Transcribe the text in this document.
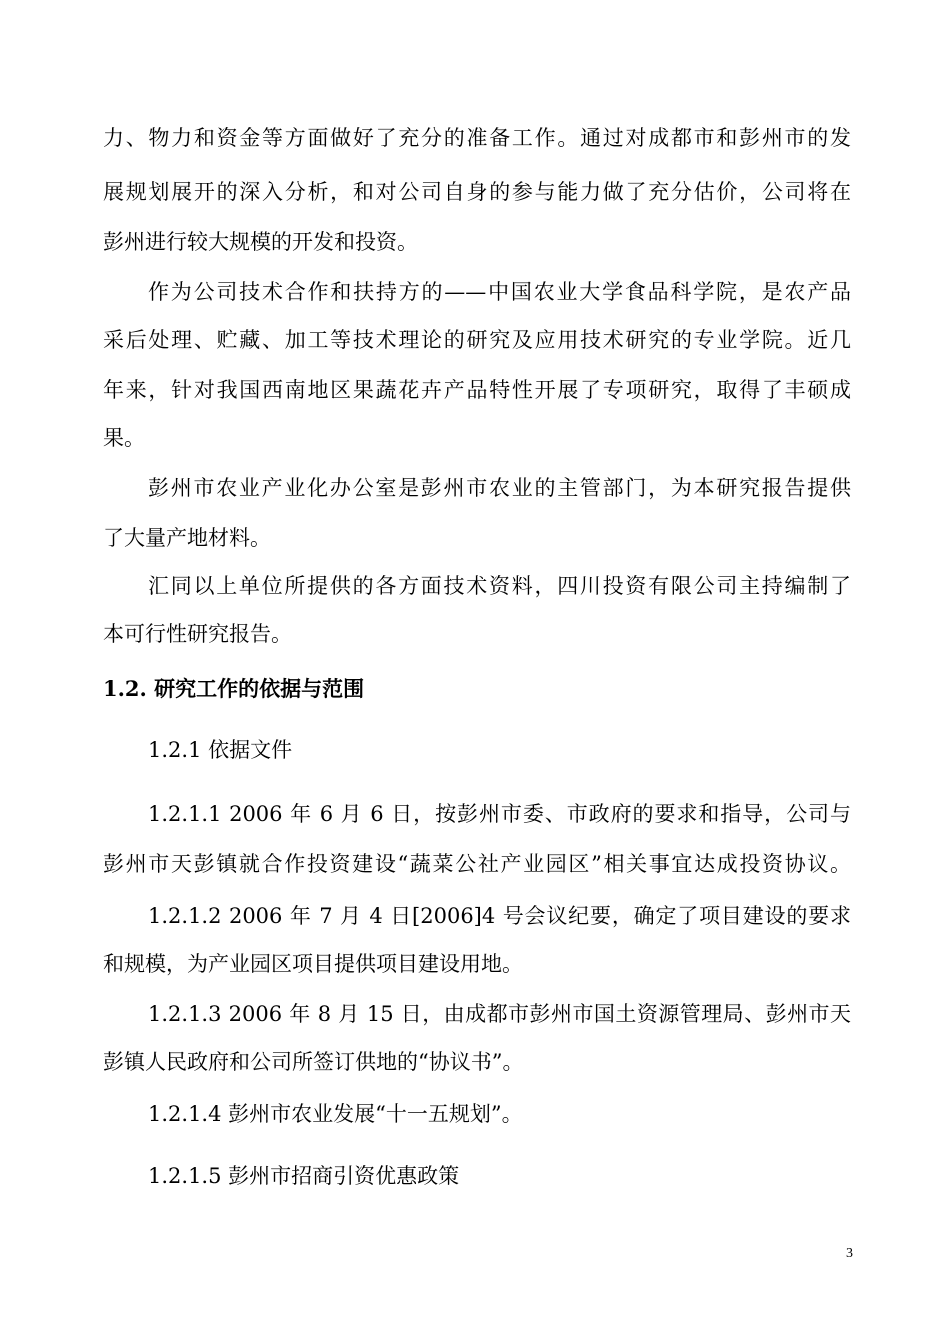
力、物力和资金等方面做好了充分的准备工作。通过对成都市和彭州市的发
展规划展开的深入分析，和对公司自身的参与能力做了充分估价，公司将在
彭州进行较大规模的开发和投资。
作为公司技术合作和扶持方的——中国农业大学食品科学院，是农产品
采后处理、贮藏、加工等技术理论的研究及应用技术研究的专业学院。近几
年来，针对我国西南地区果蔬花卉产品特性开展了专项研究，取得了丰硕成
果。
彭州市农业产业化办公室是彭州市农业的主管部门，为本研究报告提供
了大量产地材料。
汇同以上单位所提供的各方面技术资料，四川投资有限公司主持编制了
本可行性研究报告。
1.2. 研究工作的依据与范围
1.2.1 依据文件
1.2.1.1 2006 年 6 月 6 日，按彭州市委、市政府的要求和指导，公司与
彭州市天彭镇就合作投资建设“蔬菜公社产业园区”相关事宜达成投资协议。
1.2.1.2 2006 年 7 月 4 日[2006]4 号会议纪要，确定了项目建设的要求
和规模，为产业园区项目提供项目建设用地。
1.2.1.3 2006 年 8 月 15 日，由成都市彭州市国土资源管理局、彭州市天
彭镇人民政府和公司所签订供地的“协议书”。
1.2.1.4 彭州市农业发展“十一五规划”。
1.2.1.5 彭州市招商引资优惠政策
3
